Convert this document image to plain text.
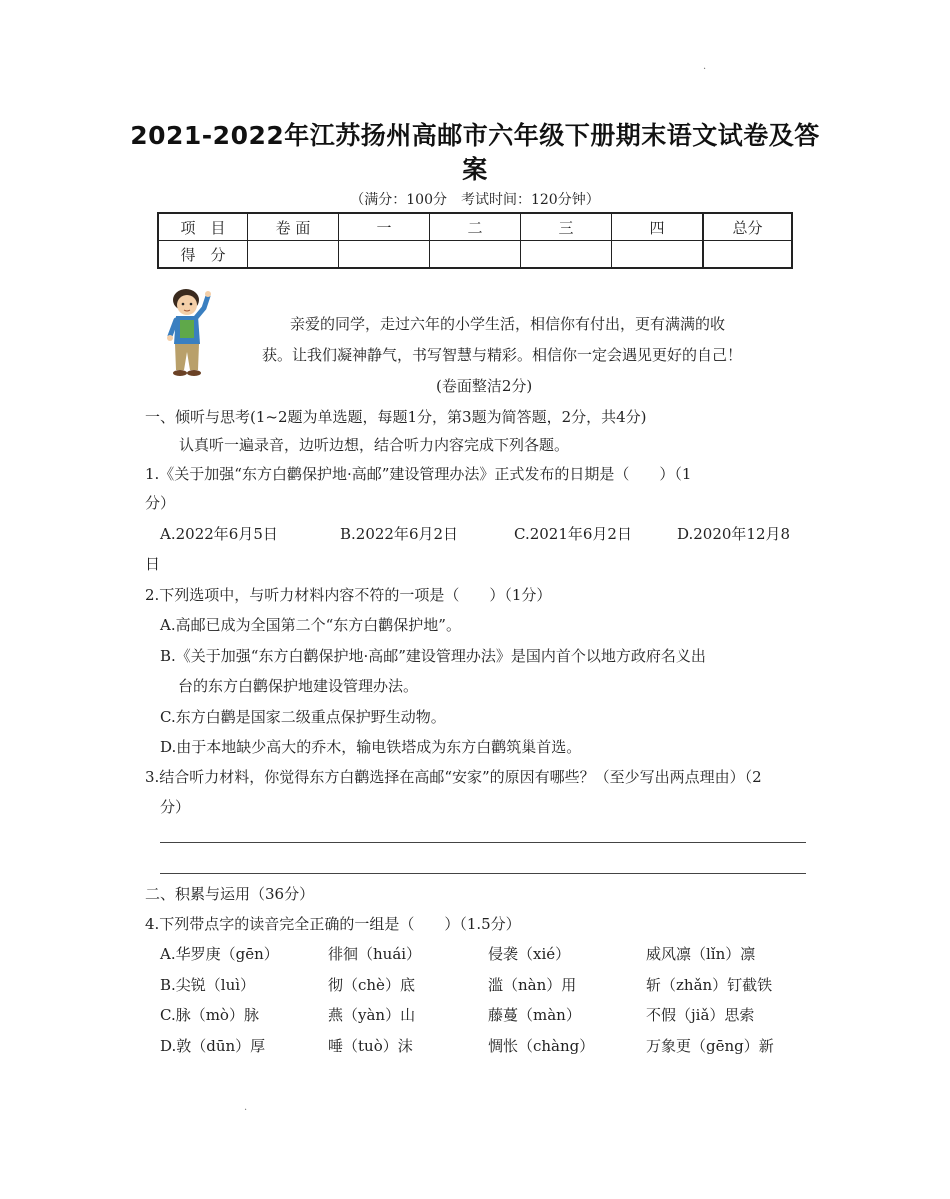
·
2021-2022年江苏扬州高邮市六年级下册期末语文试卷及答
案
（满分：100分　考试时间：120分钟）
项　目	卷 面	一	二	三	四	总分
得　分						
亲爱的同学，走过六年的小学生活，相信你有付出，更有满满的收
获。让我们凝神静气，书写智慧与精彩。相信你一定会遇见更好的自己！
(卷面整洁2分)
一、倾听与思考(1~2题为单选题，每题1分，第3题为简答题，2分，共4分)
认真听一遍录音，边听边想，结合听力内容完成下列各题。
1.《关于加强“东方白鹳保护地·高邮”建设管理办法》正式发布的日期是（　　）（1
分）
A.2022年6月5日	B.2022年6月2日	C.2021年6月2日	D.2020年12月8
日
2.下列选项中，与听力材料内容不符的一项是（　　）（1分）
A.高邮已成为全国第二个“东方白鹳保护地”。
B.《关于加强“东方白鹳保护地·高邮”建设管理办法》是国内首个以地方政府名义出
台的东方白鹳保护地建设管理办法。
C.东方白鹳是国家二级重点保护野生动物。
D.由于本地缺少高大的乔木，输电铁塔成为东方白鹳筑巢首选。
3.结合听力材料，你觉得东方白鹳选择在高邮“安家”的原因有哪些？（至少写出两点理由）（2
分）
二、积累与运用（36分）
4.下列带点字的读音完全正确的一组是（　　）（1.5分）
A.华罗庚（gēn）	徘徊（huái）	侵袭（xié）	威风凛（lǐn）凛
B.尖锐（luì）	彻（chè）底	滥（nàn）用	斩（zhǎn）钉截铁
C.脉（mò）脉	燕（yàn）山	藤蔓（màn）	不假（jiǎ）思索
D.敦（dūn）厚	唾（tuò）沫	惆怅（chàng）	万象更（gēng）新
.
